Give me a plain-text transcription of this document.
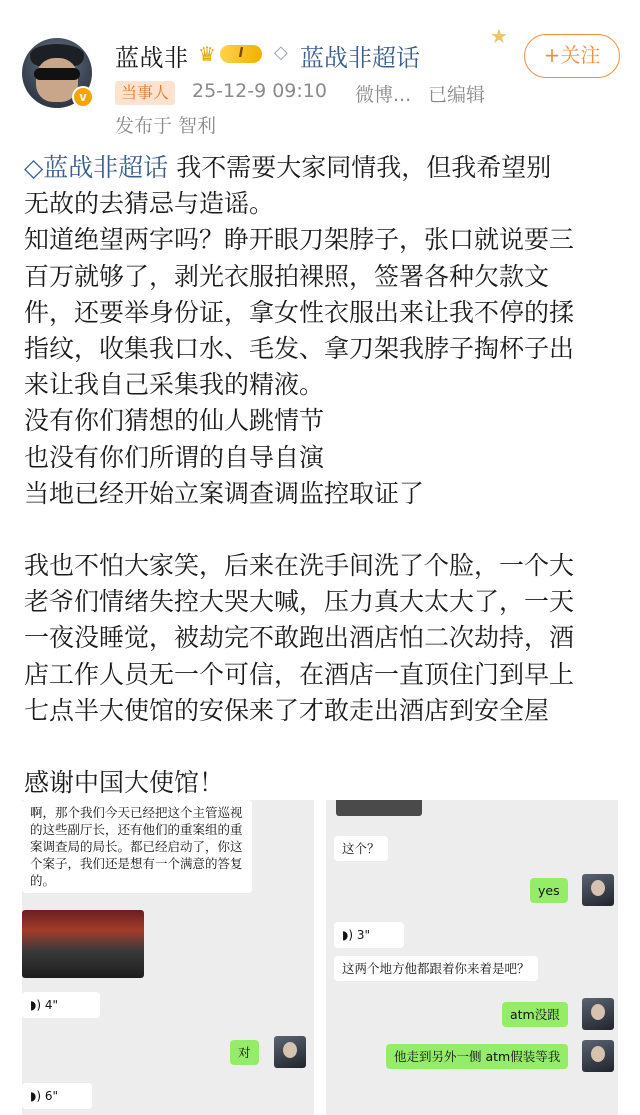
v
蓝战非 ♛	I	◇ 蓝战非超话
★
+关注
当事人	25-12-9 09:10 微博... 已编辑
发布于 智利
◇蓝战非超话 我不需要大家同情我，但我希望别
无故的去猜忌与造谣。
知道绝望两字吗？睁开眼刀架脖子，张口就说要三
百万就够了，剥光衣服拍裸照，签署各种欠款文
件，还要举身份证，拿女性衣服出来让我不停的揉
指纹，收集我口水、毛发、拿刀架我脖子掏杯子出
来让我自己采集我的精液。
没有你们猜想的仙人跳情节
也没有你们所谓的自导自演
当地已经开始立案调查调监控取证了
我也不怕大家笑，后来在洗手间洗了个脸，一个大
老爷们情绪失控大哭大喊，压力真大太大了，一天
一夜没睡觉，被劫完不敢跑出酒店怕二次劫持，酒
店工作人员无一个可信，在酒店一直顶住门到早上
七点半大使馆的安保来了才敢走出酒店到安全屋
感谢中国大使馆！
啊，那个我们今天已经把这个主管巡视的这些副厅长，还有他们的重案组的重案调查局的局长。都已经启动了，你这个案子，我们还是想有一个满意的答复的。
◗) 4"
对
◗) 6"
这个？
yes
◗) 3"
这两个地方他都跟着你来着是吧？
atm没跟
他走到另外一侧 atm假装等我
